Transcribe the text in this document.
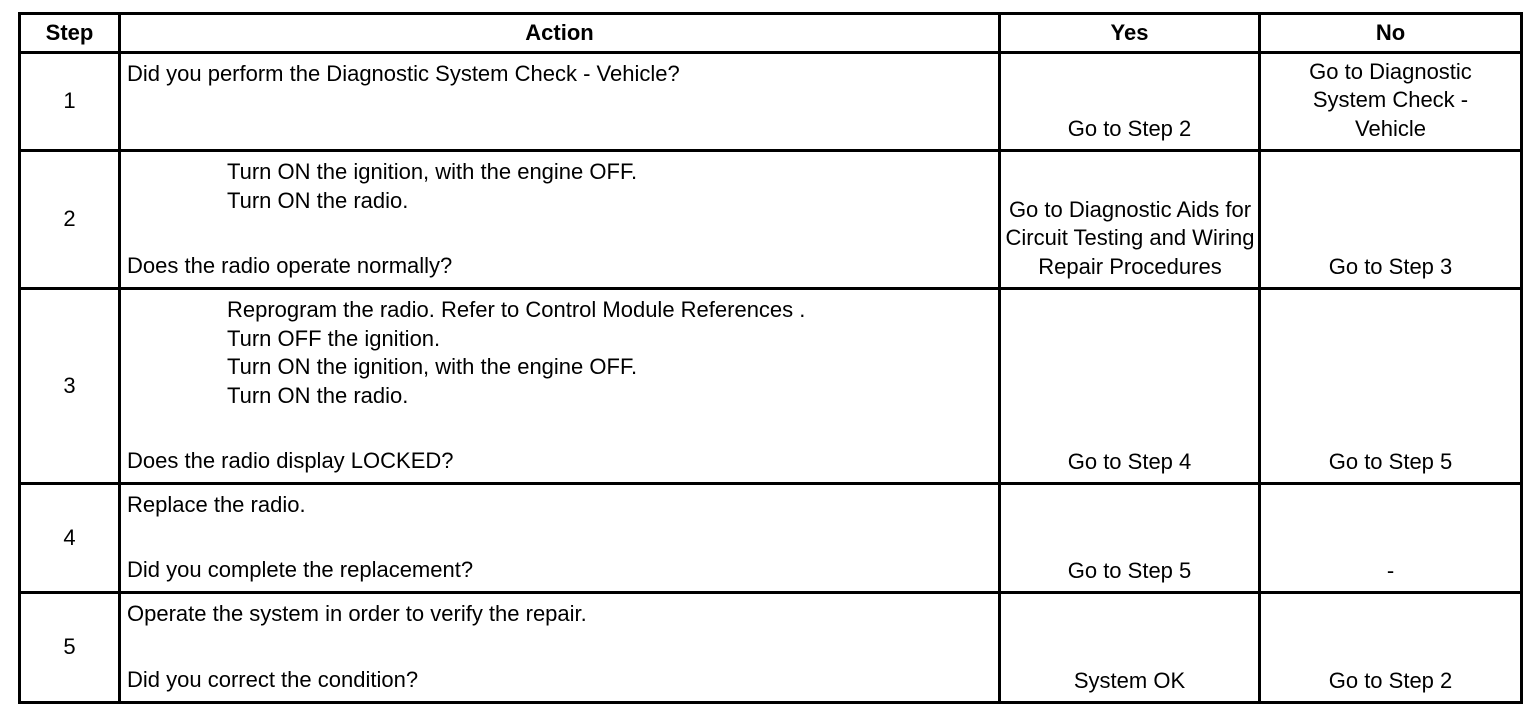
Step	Action	Yes	No
1	Did you perform the Diagnostic System Check - Vehicle?	Go to Step 2	Go to Diagnostic System Check - Vehicle
2	Turn ON the ignition, with the engine OFF.
Turn ON the radio.
Does the radio operate normally?	Go to Diagnostic Aids for Circuit Testing and Wiring Repair Procedures	Go to Step 3
3	Reprogram the radio. Refer to Control Module References .
Turn OFF the ignition.
Turn ON the ignition, with the engine OFF.
Turn ON the radio.
Does the radio display LOCKED?	Go to Step 4	Go to Step 5
4	Replace the radio.
Did you complete the replacement?	Go to Step 5	-
5	Operate the system in order to verify the repair.
Did you correct the condition?	System OK	Go to Step 2
